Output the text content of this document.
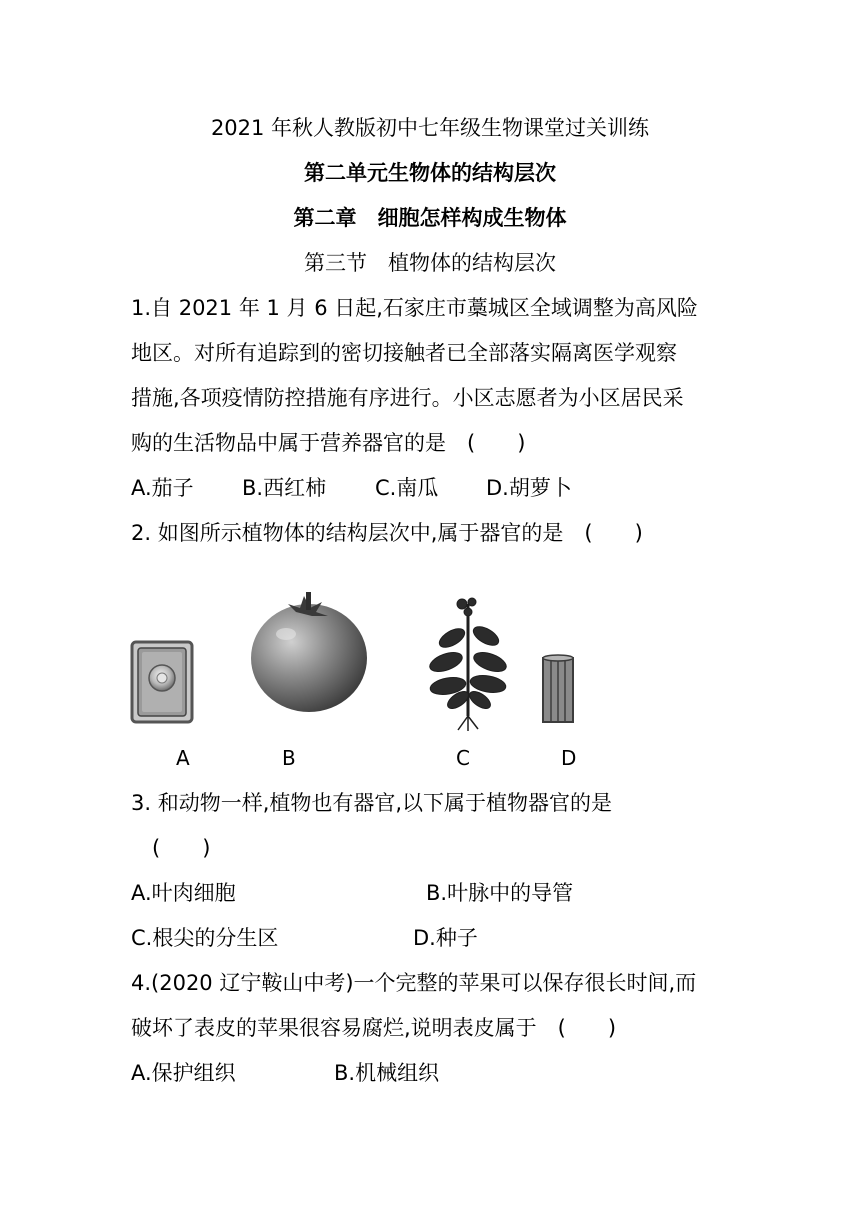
2021 年秋人教版初中七年级生物课堂过关训练
第二单元生物体的结构层次
第二章　细胞怎样构成生物体
第三节　植物体的结构层次
1.自 2021 年 1 月 6 日起,石家庄市藁城区全域调整为高风险
地区。对所有追踪到的密切接触者已全部落实隔离医学观察
措施,各项疫情防控措施有序进行。小区志愿者为小区居民采
购的生活物品中属于营养器官的是　(　　)
A.茄子 B.西红柿 C.南瓜 D.胡萝卜
2. 如图所示植物体的结构层次中,属于器官的是　(　　)
A	B	C	D
3. 和动物一样,植物也有器官,以下属于植物器官的是
(　　)
A.叶肉细胞	B.叶脉中的导管
C.根尖的分生区	D.种子
4.(2020 辽宁鞍山中考)一个完整的苹果可以保存很长时间,而
破坏了表皮的苹果很容易腐烂,说明表皮属于　(　　)
A.保护组织	B.机械组织
